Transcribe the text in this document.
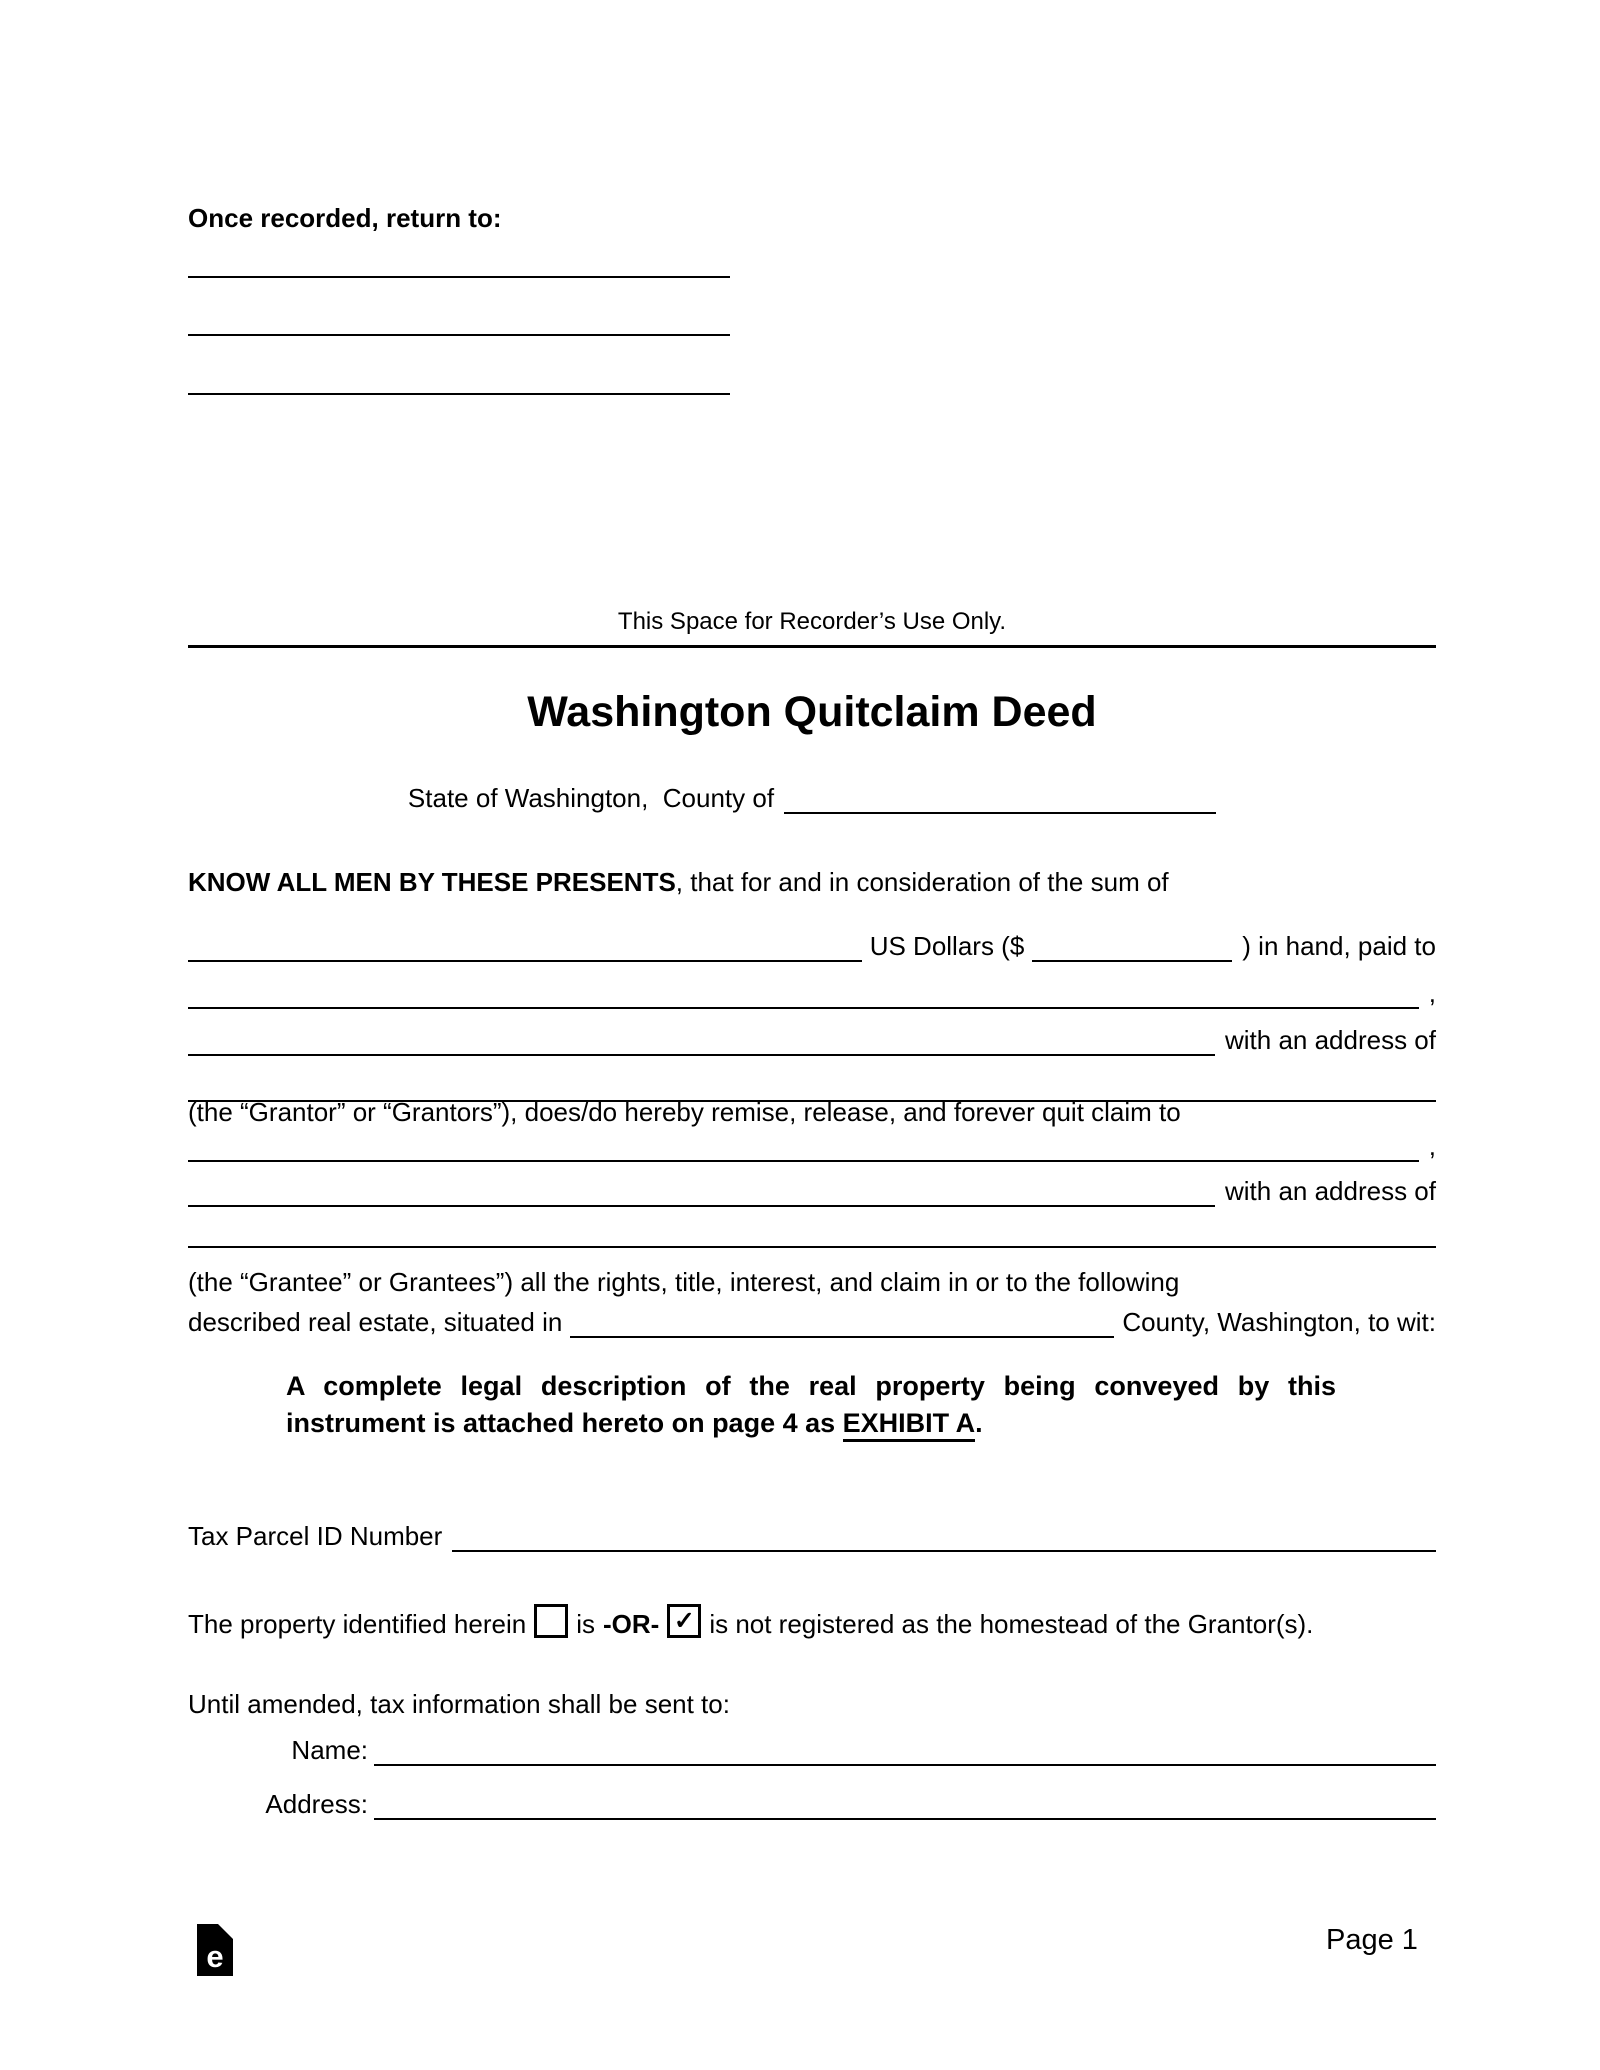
Once recorded, return to:
This Space for Recorder’s Use Only.
Washington Quitclaim Deed
State of Washington,  County of
KNOW ALL MEN BY THESE PRESENTS, that for and in consideration of the sum of
US Dollars ($	) in hand, paid to
,
with an address of
(the “Grantor” or “Grantors”), does/do hereby remise, release, and forever quit claim to
,
with an address of
(the “Grantee” or Grantees”) all the rights, title, interest, and claim in or to the following
described real estate, situated in	County, Washington, to wit:
A complete legal description of the real property being conveyed by this
instrument is attached hereto on page 4 as EXHIBIT A.
Tax Parcel ID Number
The property identified herein is -OR- ✓ is not registered as the homestead of the Grantor(s).
Until amended, tax information shall be sent to:
Name:
Address:
e	Page 1
